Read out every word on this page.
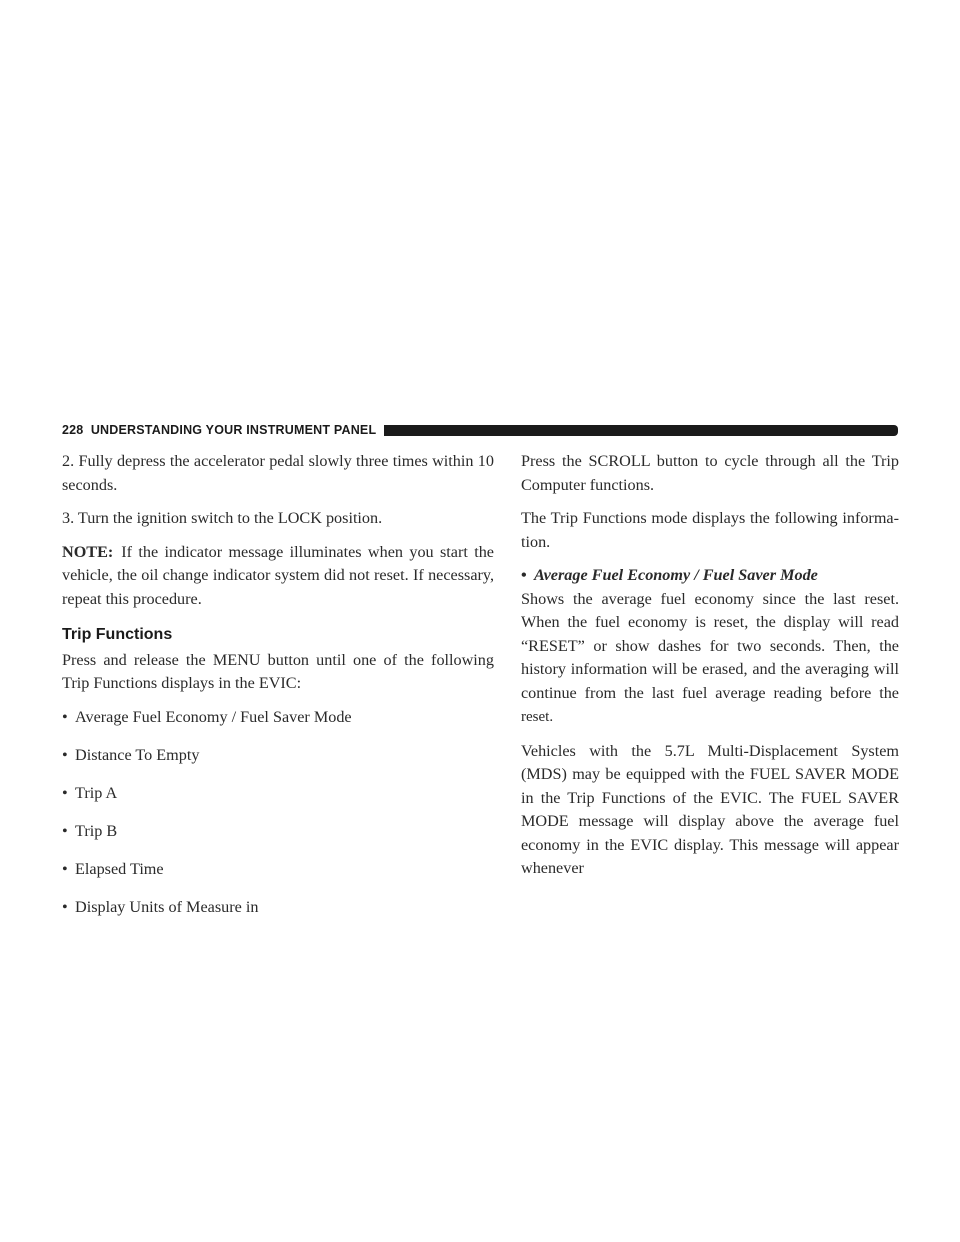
228 UNDERSTANDING YOUR INSTRUMENT PANEL

2. Fully depress the accelerator pedal slowly three times within 10 seconds.

3. Turn the ignition switch to the LOCK position.

NOTE: If the indicator message illuminates when you start the vehicle, the oil change indicator system did not reset. If necessary, repeat this procedure.

Trip Functions

Press and release the MENU button until one of the following Trip Functions displays in the EVIC:

• Average Fuel Economy / Fuel Saver Mode
• Distance To Empty
• Trip A
• Trip B
• Elapsed Time
• Display Units of Measure in

Press the SCROLL button to cycle through all the Trip Computer functions.

The Trip Functions mode displays the following informa- tion.

• Average Fuel Economy / Fuel Saver Mode

Shows the average fuel economy since the last reset. When the fuel economy is reset, the display will read “RESET” or show dashes for two seconds. Then, the history information will be erased, and the averaging will continue from the last fuel average reading before the reset.

Vehicles with the 5.7L Multi-Displacement System (MDS) may be equipped with the FUEL SAVER MODE in the Trip Functions of the EVIC. The FUEL SAVER MODE message will display above the average fuel economy in the EVIC display. This message will appear whenever
